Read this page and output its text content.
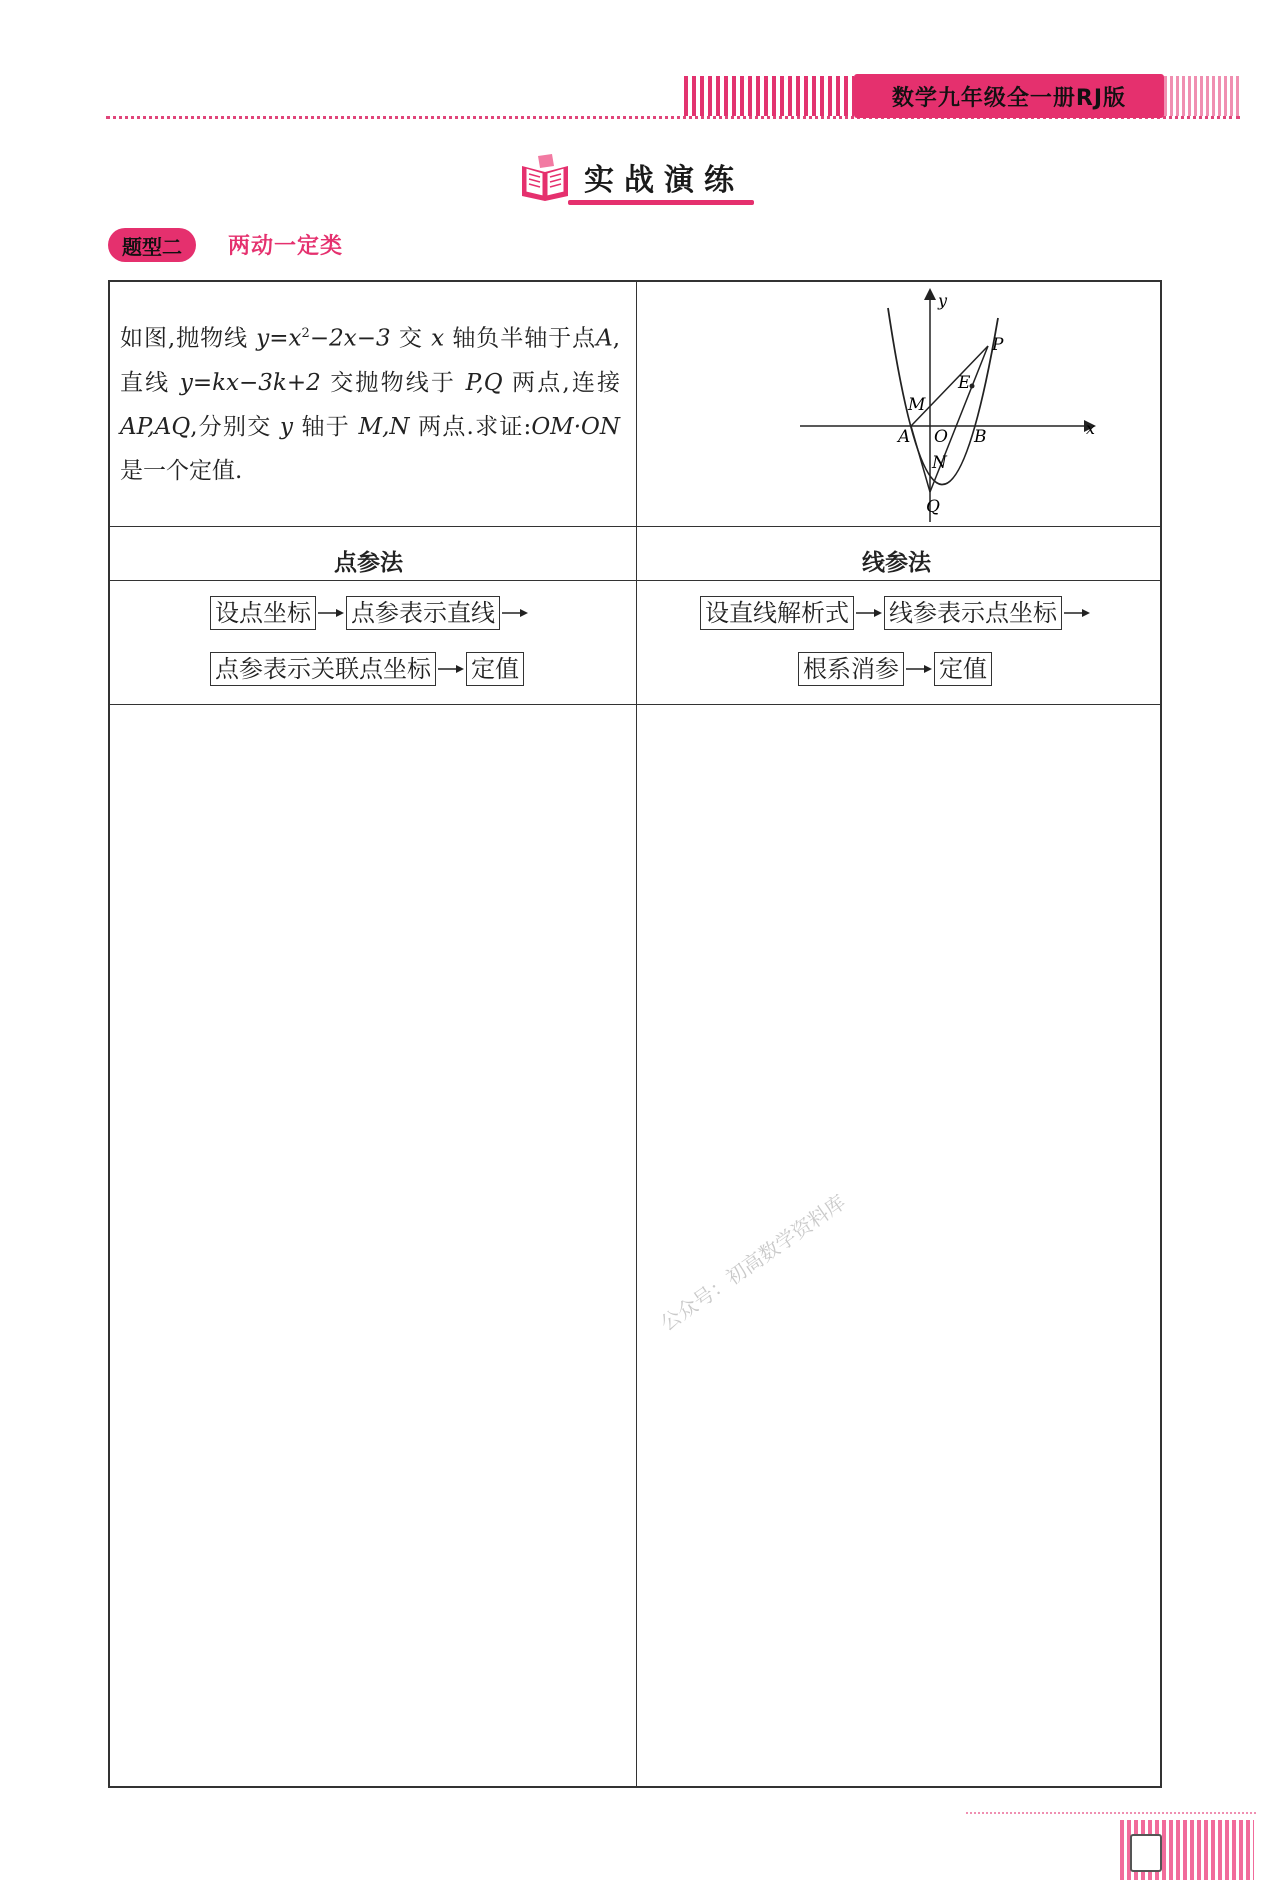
数学九年级全一册RJ版
实战演练
题型二 两动一定类
如图,抛物线 $y=x^2-2x-3$ 交 x 轴负半轴于点A,直线 y=kx−3k+2 交抛物线于 P,Q 两点,连接 AP,AQ,分别交 y 轴于 M,N 两点.求证:OM·ON 是一个定值.
y
x
P
E
M
A O B
N
Q
点参法	线参法
设点坐标 点参表示直线
点参表示关联点坐标 定值
设直线解析式 线参表示点坐标
根系消参 定值
公众号：初高数学资料库
